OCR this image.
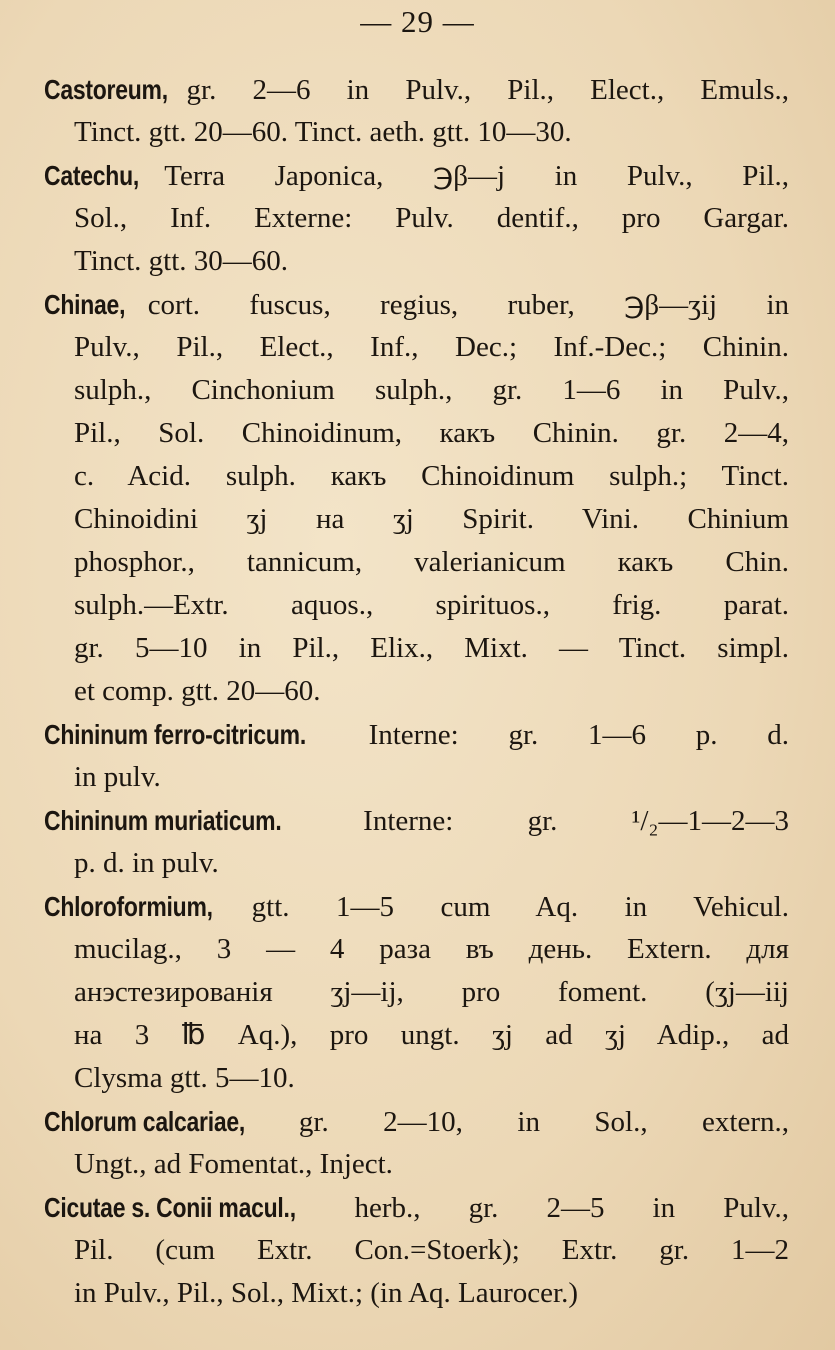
— 29 —
Castoreum, gr. 2—6 in Pulv., Pil., Elect., Emuls.,
Tinct. gtt. 20—60. Tinct. aeth. gtt. 10—30.
Catechu, Terra Japonica, ℈β—j in Pulv., Pil.,
Sol., Inf. Externe: Pulv. dentif., pro Gargar.
Tinct. gtt. 30—60.
Chinae, cort. fuscus, regius, ruber, ℈β—ʒij in
Pulv., Pil., Elect., Inf., Dec.; Inf.-Dec.; Chinin.
sulph., Cinchonium sulph., gr. 1—6 in Pulv.,
Pil., Sol. Chinoidinum, какъ Chinin. gr. 2—4,
c. Acid. sulph. какъ Chinoidinum sulph.; Tinct.
Chinoidini ʒj на ʒj Spirit. Vini. Chinium
phosphor., tannicum, valerianicum какъ Chin.
sulph.—Extr. aquos., spirituos., frig. parat.
gr. 5—10 in Pil., Elix., Mixt. — Tinct. simpl.
et comp. gtt. 20—60.
Chininum ferro-citricum. Interne: gr. 1—6 p. d.
in pulv.
Chininum muriaticum.	Interne: gr. ¹/₂—1—2—3
p. d. in pulv.
Chloroformium, gtt. 1—5 cum Aq. in Vehicul.
mucilag., 3 — 4 раза въ день. Extern. для
анэстезированія ʒj—ij, pro foment. (ʒj—iij
на 3 ℔ Aq.), pro ungt. ʒj ad ʒj Adip., ad
Clysma gtt. 5—10.
Chlorum calcariae, gr. 2—10, in Sol., extern.,
Ungt., ad Fomentat., Inject.
Cicutae s. Conii macul., herb., gr. 2—5 in Pulv.,
Pil. (cum Extr. Con.=Stoerk); Extr. gr. 1—2
in Pulv., Pil., Sol., Mixt.; (in Aq. Laurocer.)
